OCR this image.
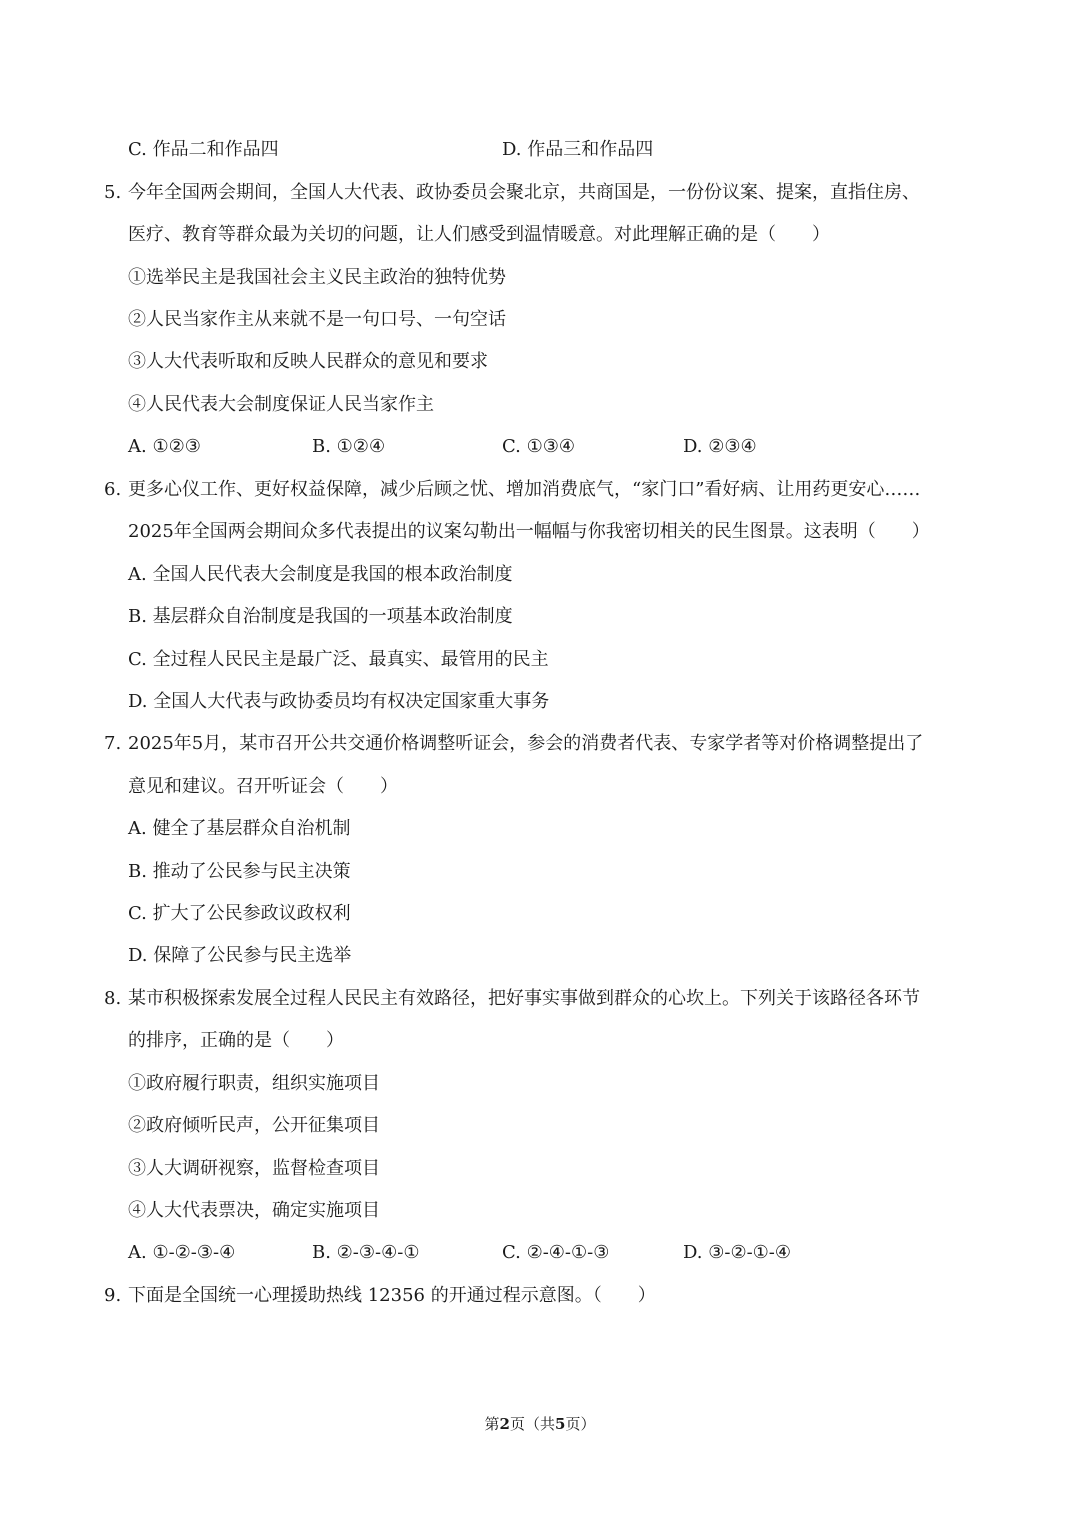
C. 作品二和作品四	D. 作品三和作品四
5. 今年全国两会期间，全国人大代表、政协委员会聚北京，共商国是，一份份议案、提案，直指住房、
医疗、教育等群众最为关切的问题，让人们感受到温情暖意。对此理解正确的是（　　）
①选举民主是我国社会主义民主政治的独特优势
②人民当家作主从来就不是一句口号、一句空话
③人大代表听取和反映人民群众的意见和要求
④人民代表大会制度保证人民当家作主
A. ①②③	B. ①②④	C. ①③④	D. ②③④
6. 更多心仪工作、更好权益保障，减少后顾之忧、增加消费底气，“家门口”看好病、让用药更安心……
2025年全国两会期间众多代表提出的议案勾勒出一幅幅与你我密切相关的民生图景。这表明（　　）
A. 全国人民代表大会制度是我国的根本政治制度
B. 基层群众自治制度是我国的一项基本政治制度
C. 全过程人民民主是最广泛、最真实、最管用的民主
D. 全国人大代表与政协委员均有权决定国家重大事务
7. 2025年5月，某市召开公共交通价格调整听证会，参会的消费者代表、专家学者等对价格调整提出了
意见和建议。召开听证会（　　）
A. 健全了基层群众自治机制
B. 推动了公民参与民主决策
C. 扩大了公民参政议政权利
D. 保障了公民参与民主选举
8. 某市积极探索发展全过程人民民主有效路径，把好事实事做到群众的心坎上。下列关于该路径各环节
的排序，正确的是（　　）
①政府履行职责，组织实施项目
②政府倾听民声，公开征集项目
③人大调研视察，监督检查项目
④人大代表票决，确定实施项目
A. ①-②-③-④	B. ②-③-④-①	C. ②-④-①-③	D. ③-②-①-④
9. 下面是全国统一心理援助热线 12356 的开通过程示意图。（　　）
第2页（共5页）
